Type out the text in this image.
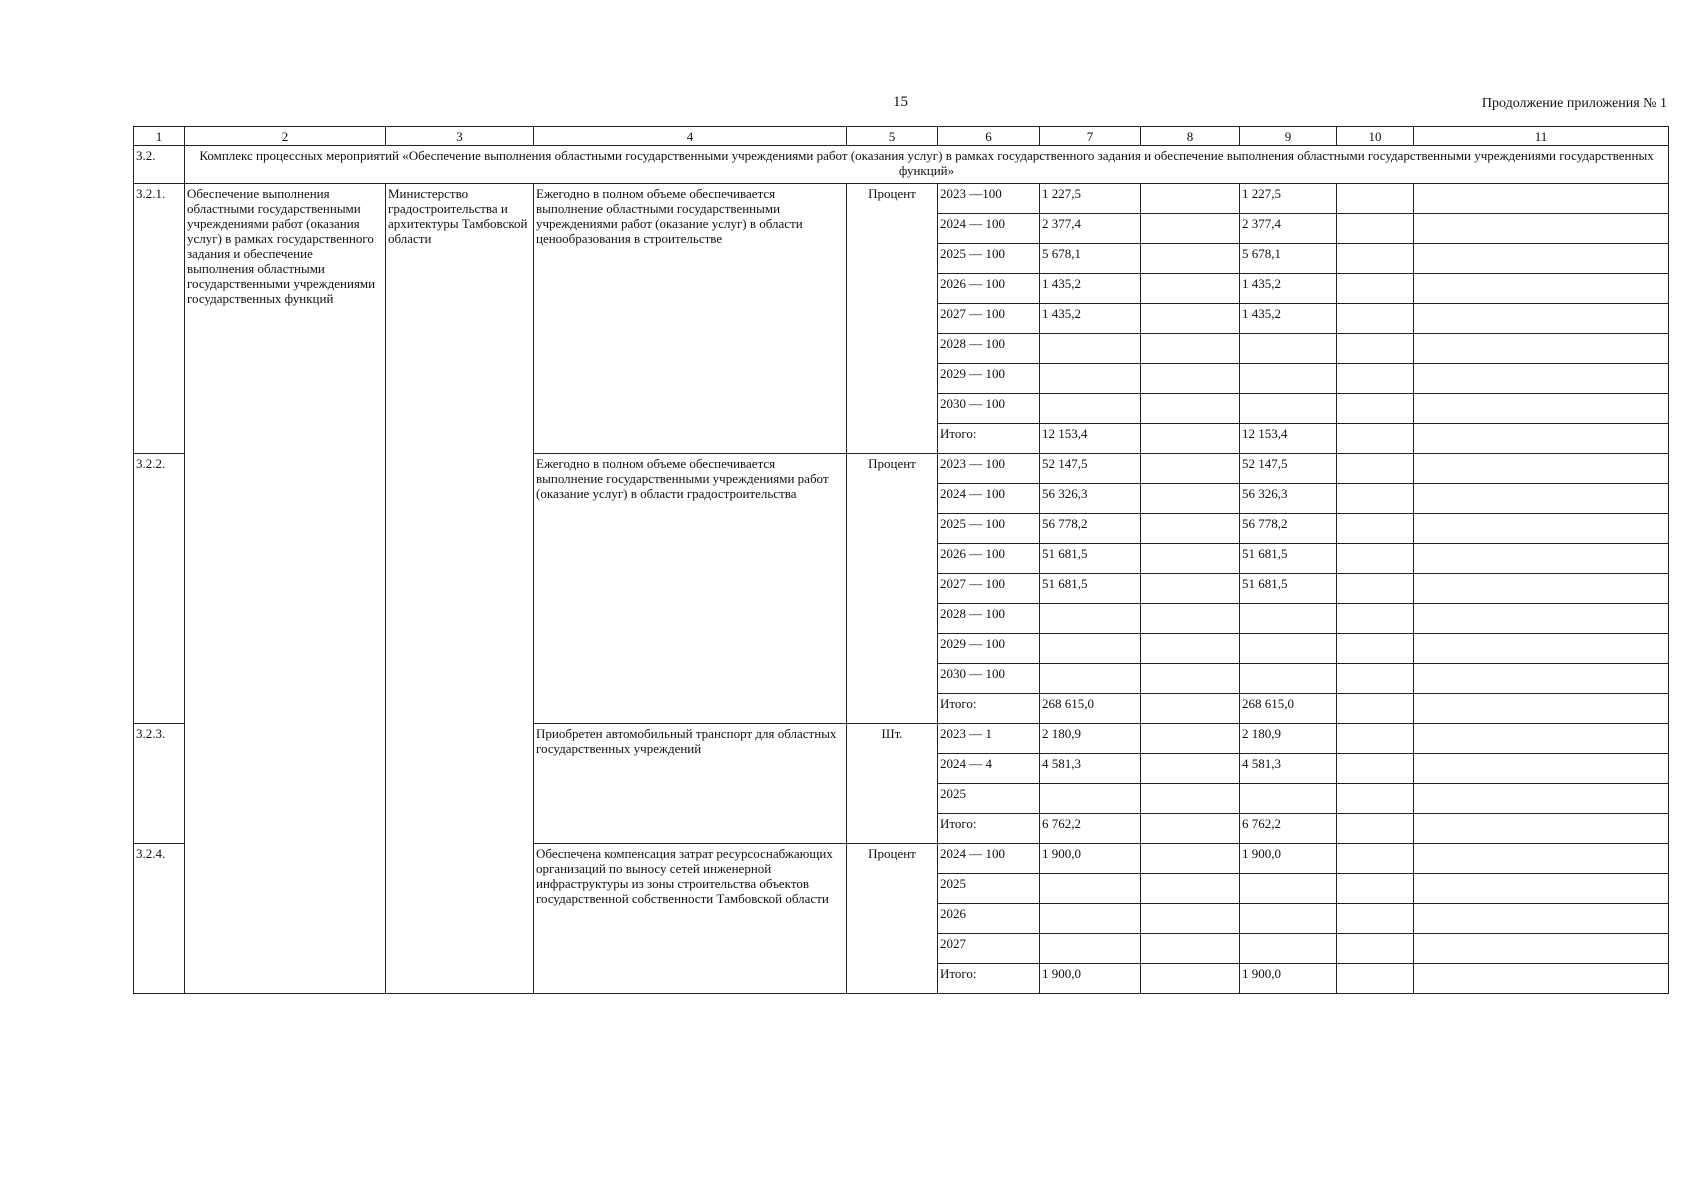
15	Продолжение приложения № 1
1	2	3	4	5	6	7	8	9	10	11
3.2.	Комплекс процессных мероприятий «Обеспечение выполнения областными государственными учреждениями работ (оказания услуг) в рамках государственного задания и обеспечение выполнения областными государственными учреждениями государственных функций»									
3.2.1.	Обеспечение выполнения областными государственными учреждениями работ (оказания услуг) в рамках государственного задания и обеспечение выполнения областными государственными учреждениями государственных функций	Министерство градостроительства и архитектуры Тамбовской области	Ежегодно в полном объеме обеспечивается выполнение областными государственными учреждениями работ (оказание услуг) в области ценообразования в строительстве	Процент	2023 —100	1 227,5		1 227,5		
					2024 — 100	2 377,4		2 377,4		
					2025 — 100	5 678,1		5 678,1		
					2026 — 100	1 435,2		1 435,2		
					2027 — 100	1 435,2		1 435,2		
					2028 — 100					
					2029 — 100					
					2030 — 100					
					Итого:	12 153,4		12 153,4		
3.2.2.			Ежегодно в полном объеме обеспечивается выполнение государственными учреждениями работ (оказание услуг) в области градостроительства	Процент	2023 — 100	52 147,5		52 147,5		
					2024 — 100	56 326,3		56 326,3		
					2025 — 100	56 778,2		56 778,2		
					2026 — 100	51 681,5		51 681,5		
					2027 — 100	51 681,5		51 681,5		
					2028 — 100					
					2029 — 100					
					2030 — 100					
					Итого:	268 615,0		268 615,0		
3.2.3.			Приобретен автомобильный транспорт для областных государственных учреждений	Шт.	2023 — 1	2 180,9		2 180,9		
					2024 — 4	4 581,3		4 581,3		
					2025					
					Итого:	6 762,2		6 762,2		
3.2.4.			Обеспечена компенсация затрат ресурсоснабжающих организаций по выносу сетей инженерной инфраструктуры из зоны строительства объектов государственной собственности Тамбовской области	Процент	2024 — 100	1 900,0		1 900,0		
					2025					
					2026					
					2027					
					Итого:	1 900,0		1 900,0		
